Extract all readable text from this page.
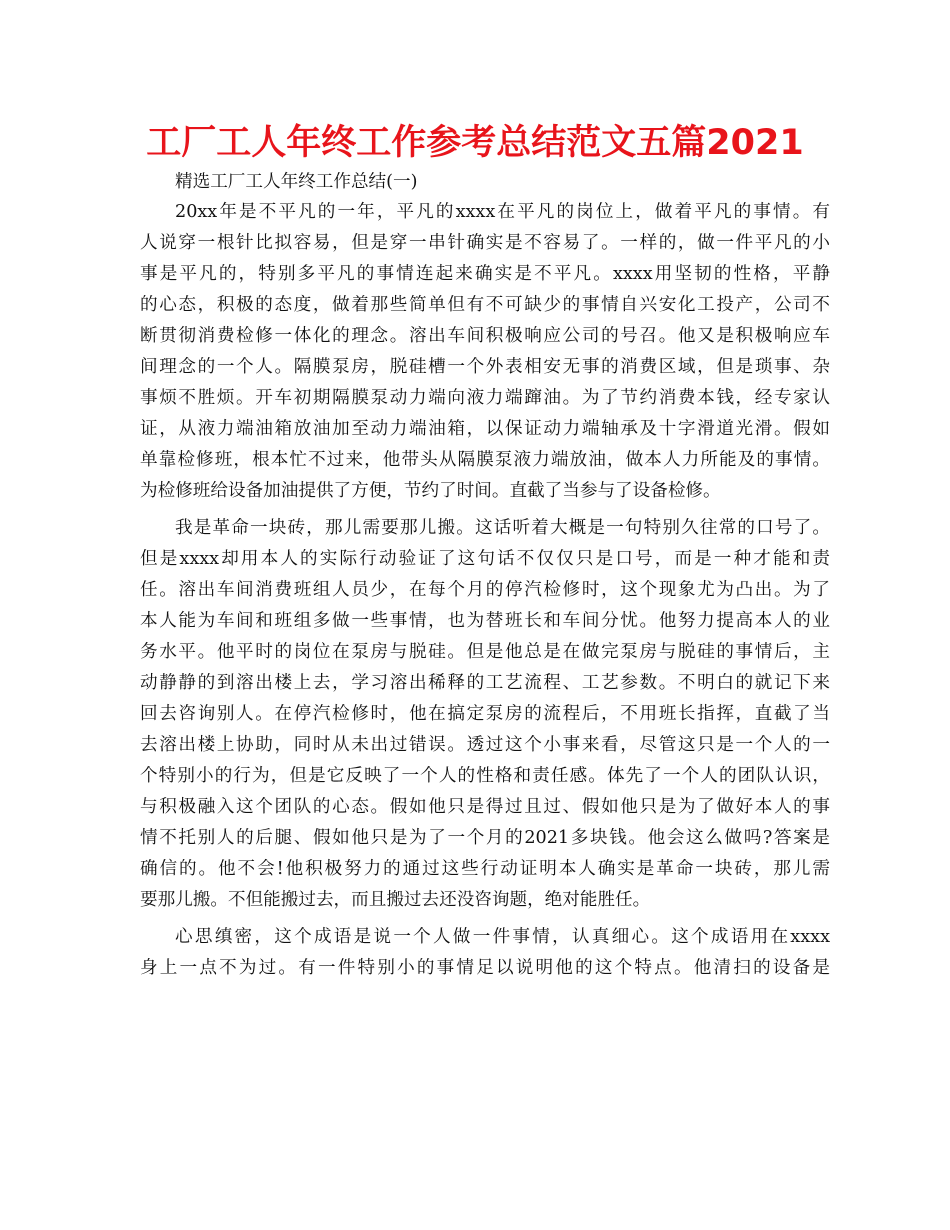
工厂工人年终工作参考总结范文五篇2021

精选工厂工人年终工作总结(一)

20xx年是不平凡的一年，平凡的xxxx在平凡的岗位上，做着平凡的事情。有
人说穿一根针比拟容易，但是穿一串针确实是不容易了。一样的，做一件平凡的小
事是平凡的，特别多平凡的事情连起来确实是不平凡。xxxx用坚韧的性格，平静
的心态，积极的态度，做着那些简单但有不可缺少的事情自兴安化工投产，公司不
断贯彻消费检修一体化的理念。溶出车间积极响应公司的号召。他又是积极响应车
间理念的一个人。隔膜泵房，脱硅槽一个外表相安无事的消费区域，但是琐事、杂
事烦不胜烦。开车初期隔膜泵动力端向液力端蹿油。为了节约消费本钱，经专家认
证，从液力端油箱放油加至动力端油箱，以保证动力端轴承及十字滑道光滑。假如
单靠检修班，根本忙不过来，他带头从隔膜泵液力端放油，做本人力所能及的事情。
为检修班给设备加油提供了方便，节约了时间。直截了当参与了设备检修。

我是革命一块砖，那儿需要那儿搬。这话听着大概是一句特别久往常的口号了。
但是xxxx却用本人的实际行动验证了这句话不仅仅只是口号，而是一种才能和责
任。溶出车间消费班组人员少，在每个月的停汽检修时，这个现象尤为凸出。为了
本人能为车间和班组多做一些事情，也为替班长和车间分忧。他努力提高本人的业
务水平。他平时的岗位在泵房与脱硅。但是他总是在做完泵房与脱硅的事情后，主
动静静的到溶出楼上去，学习溶出稀释的工艺流程、工艺参数。不明白的就记下来
回去咨询别人。在停汽检修时，他在搞定泵房的流程后，不用班长指挥，直截了当
去溶出楼上协助，同时从未出过错误。透过这个小事来看，尽管这只是一个人的一
个特别小的行为，但是它反映了一个人的性格和责任感。体先了一个人的团队认识，
与积极融入这个团队的心态。假如他只是得过且过、假如他只是为了做好本人的事
情不托别人的后腿、假如他只是为了一个月的2021多块钱。他会这么做吗?答案是
确信的。他不会!他积极努力的通过这些行动证明本人确实是革命一块砖，那儿需
要那儿搬。不但能搬过去，而且搬过去还没咨询题，绝对能胜任。

心思缜密，这个成语是说一个人做一件事情，认真细心。这个成语用在xxxx
身上一点不为过。有一件特别小的事情足以说明他的这个特点。他清扫的设备是
